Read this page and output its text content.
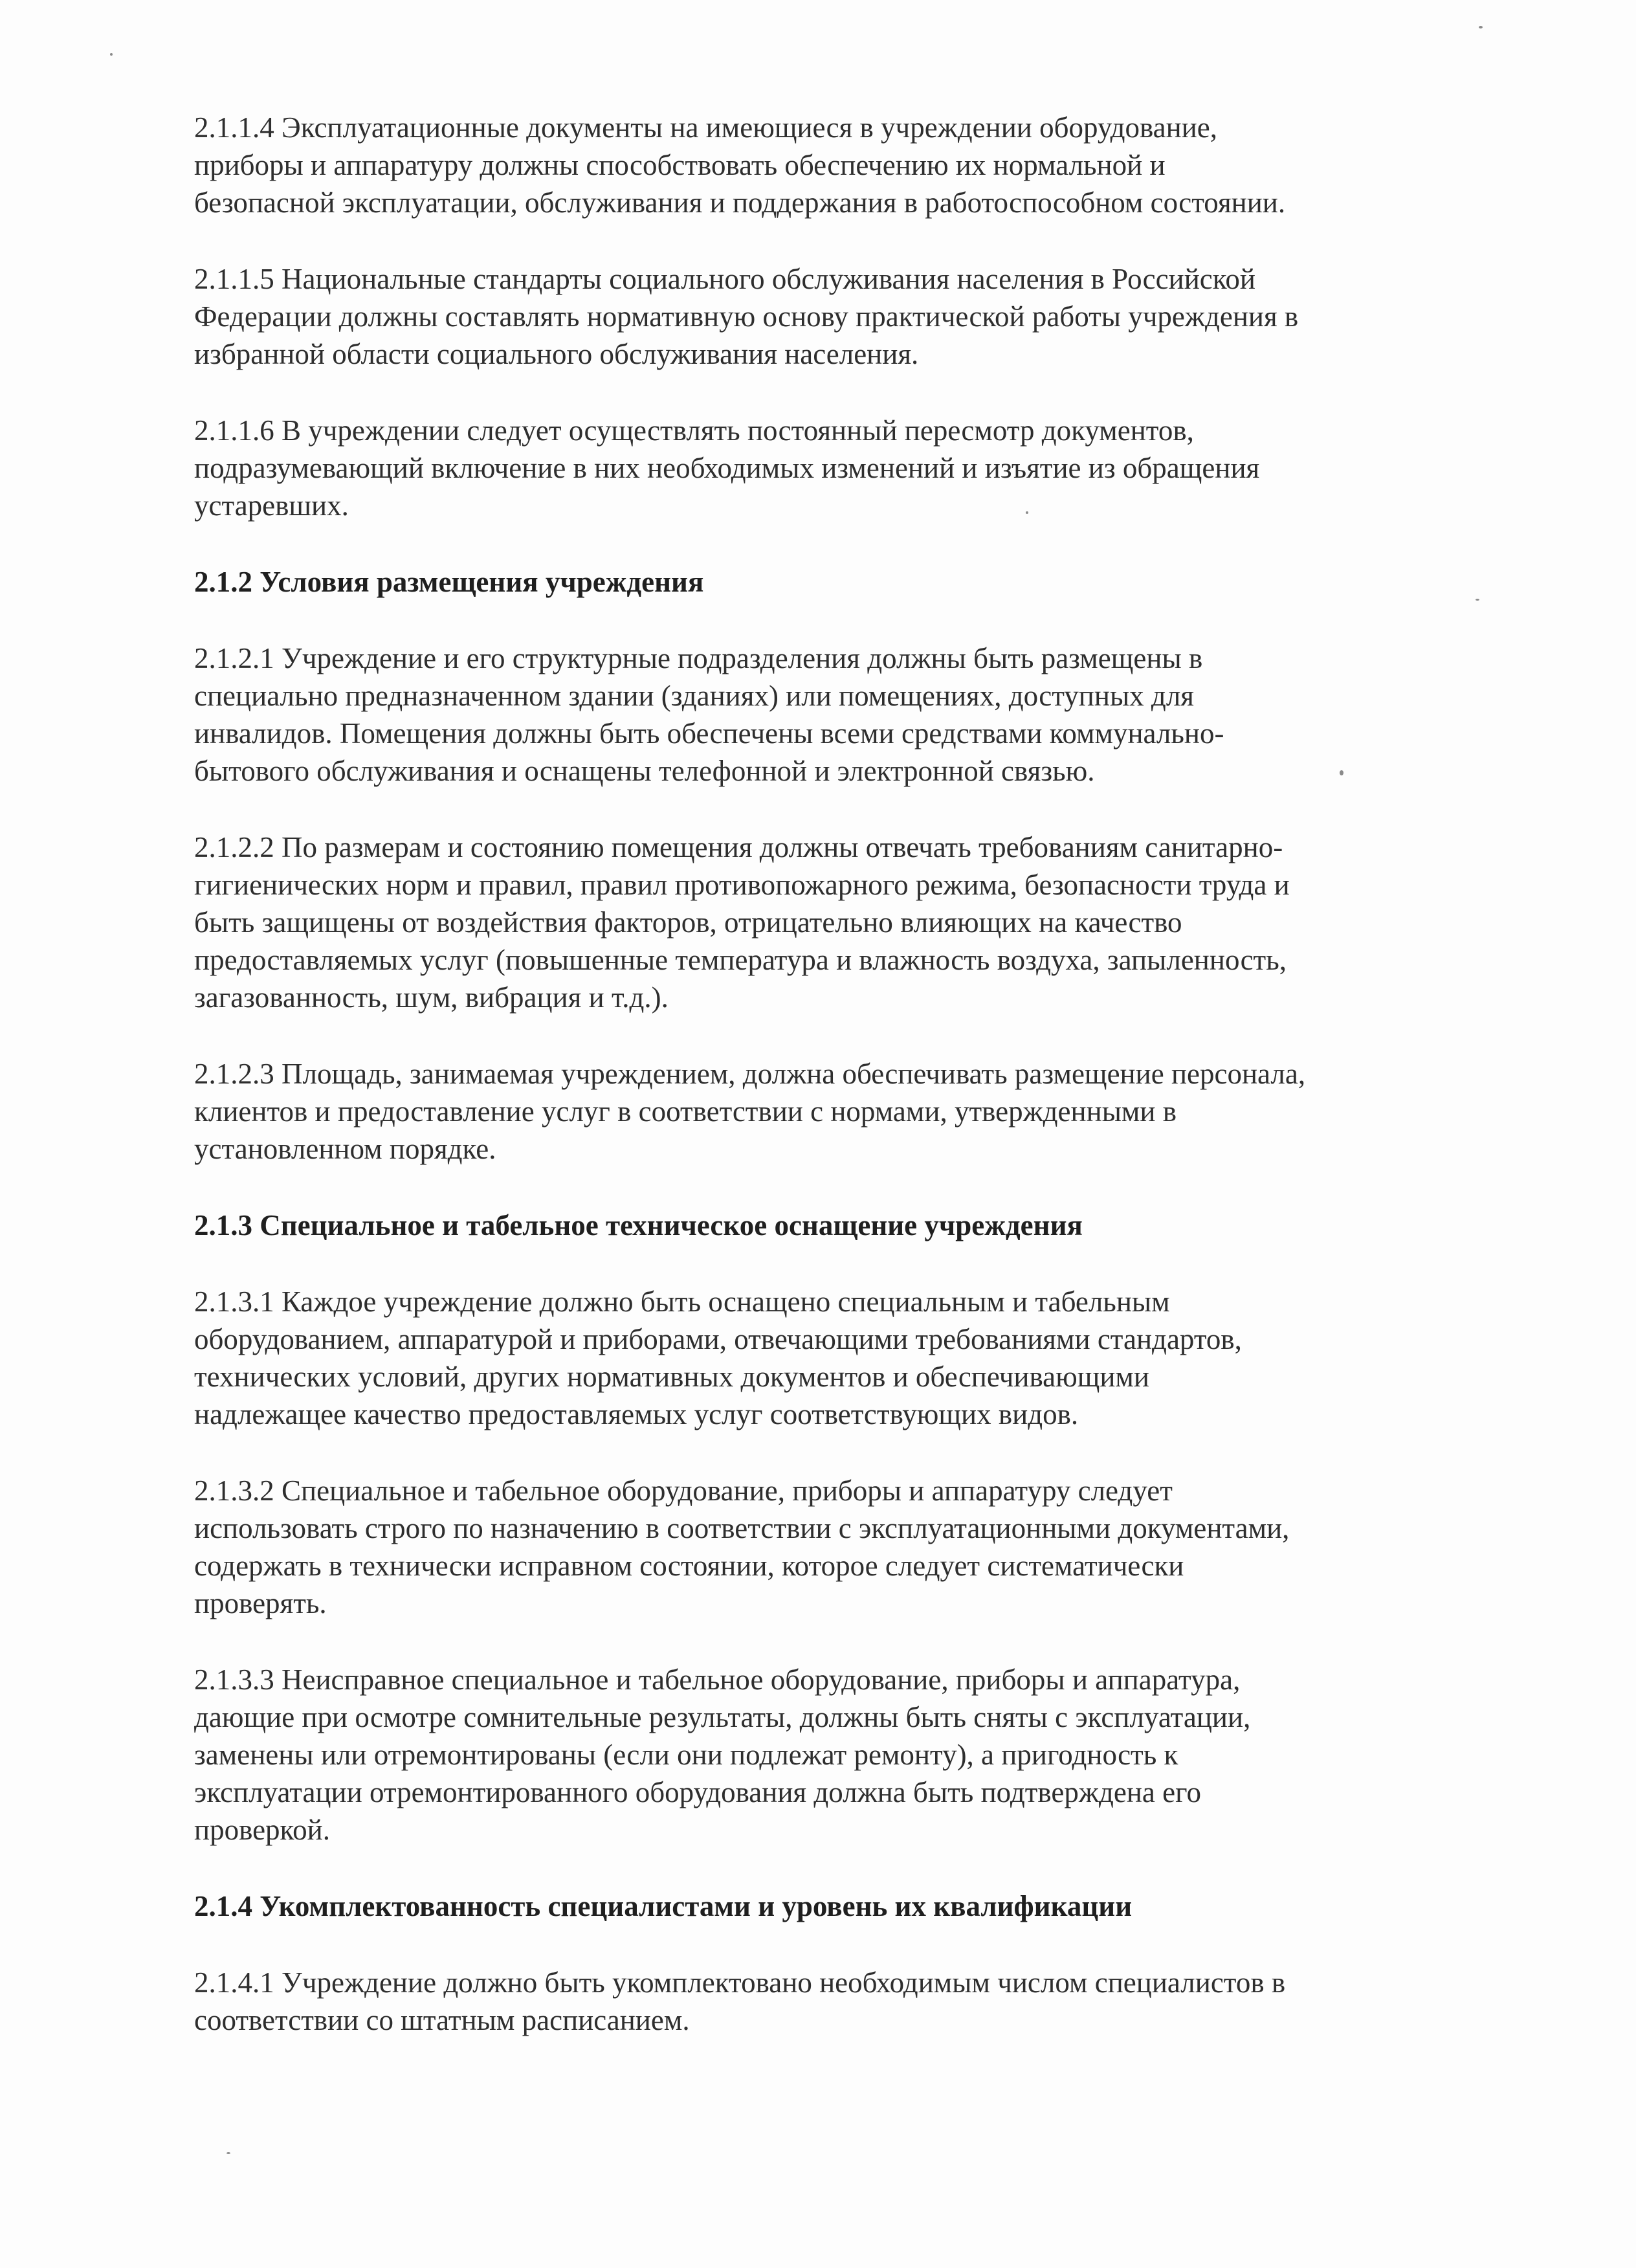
2.1.1.4 Эксплуатационные документы на имеющиеся в учреждении оборудование,
приборы и аппаратуру должны способствовать обеспечению их нормальной и
безопасной эксплуатации, обслуживания и поддержания в работоспособном состоянии.

2.1.1.5 Национальные стандарты социального обслуживания населения в Российской
Федерации должны составлять нормативную основу практической работы учреждения в
избранной области социального обслуживания населения.

2.1.1.6 В учреждении следует осуществлять постоянный пересмотр документов,
подразумевающий включение в них необходимых изменений и изъятие из обращения
устаревших.

2.1.2 Условия размещения учреждения

2.1.2.1 Учреждение и его структурные подразделения должны быть размещены в
специально предназначенном здании (зданиях) или помещениях, доступных для
инвалидов. Помещения должны быть обеспечены всеми средствами коммунально-
бытового обслуживания и оснащены телефонной и электронной связью.

2.1.2.2 По размерам и состоянию помещения должны отвечать требованиям санитарно-
гигиенических норм и правил, правил противопожарного режима, безопасности труда и
быть защищены от воздействия факторов, отрицательно влияющих на качество
предоставляемых услуг (повышенные температура и влажность воздуха, запыленность,
загазованность, шум, вибрация и т.д.).

2.1.2.3 Площадь, занимаемая учреждением, должна обеспечивать размещение персонала,
клиентов и предоставление услуг в соответствии с нормами, утвержденными в
установленном порядке.

2.1.3 Специальное и табельное техническое оснащение учреждения

2.1.3.1 Каждое учреждение должно быть оснащено специальным и табельным
оборудованием, аппаратурой и приборами, отвечающими требованиями стандартов,
технических условий, других нормативных документов и обеспечивающими
надлежащее качество предоставляемых услуг соответствующих видов.

2.1.3.2 Специальное и табельное оборудование, приборы и аппаратуру следует
использовать строго по назначению в соответствии с эксплуатационными документами,
содержать в технически исправном состоянии, которое следует систематически
проверять.

2.1.3.3 Неисправное специальное и табельное оборудование, приборы и аппаратура,
дающие при осмотре сомнительные результаты, должны быть сняты с эксплуатации,
заменены или отремонтированы (если они подлежат ремонту), а пригодность к
эксплуатации отремонтированного оборудования должна быть подтверждена его
проверкой.

2.1.4 Укомплектованность специалистами и уровень их квалификации

2.1.4.1 Учреждение должно быть укомплектовано необходимым числом специалистов в
соответствии со штатным расписанием.
